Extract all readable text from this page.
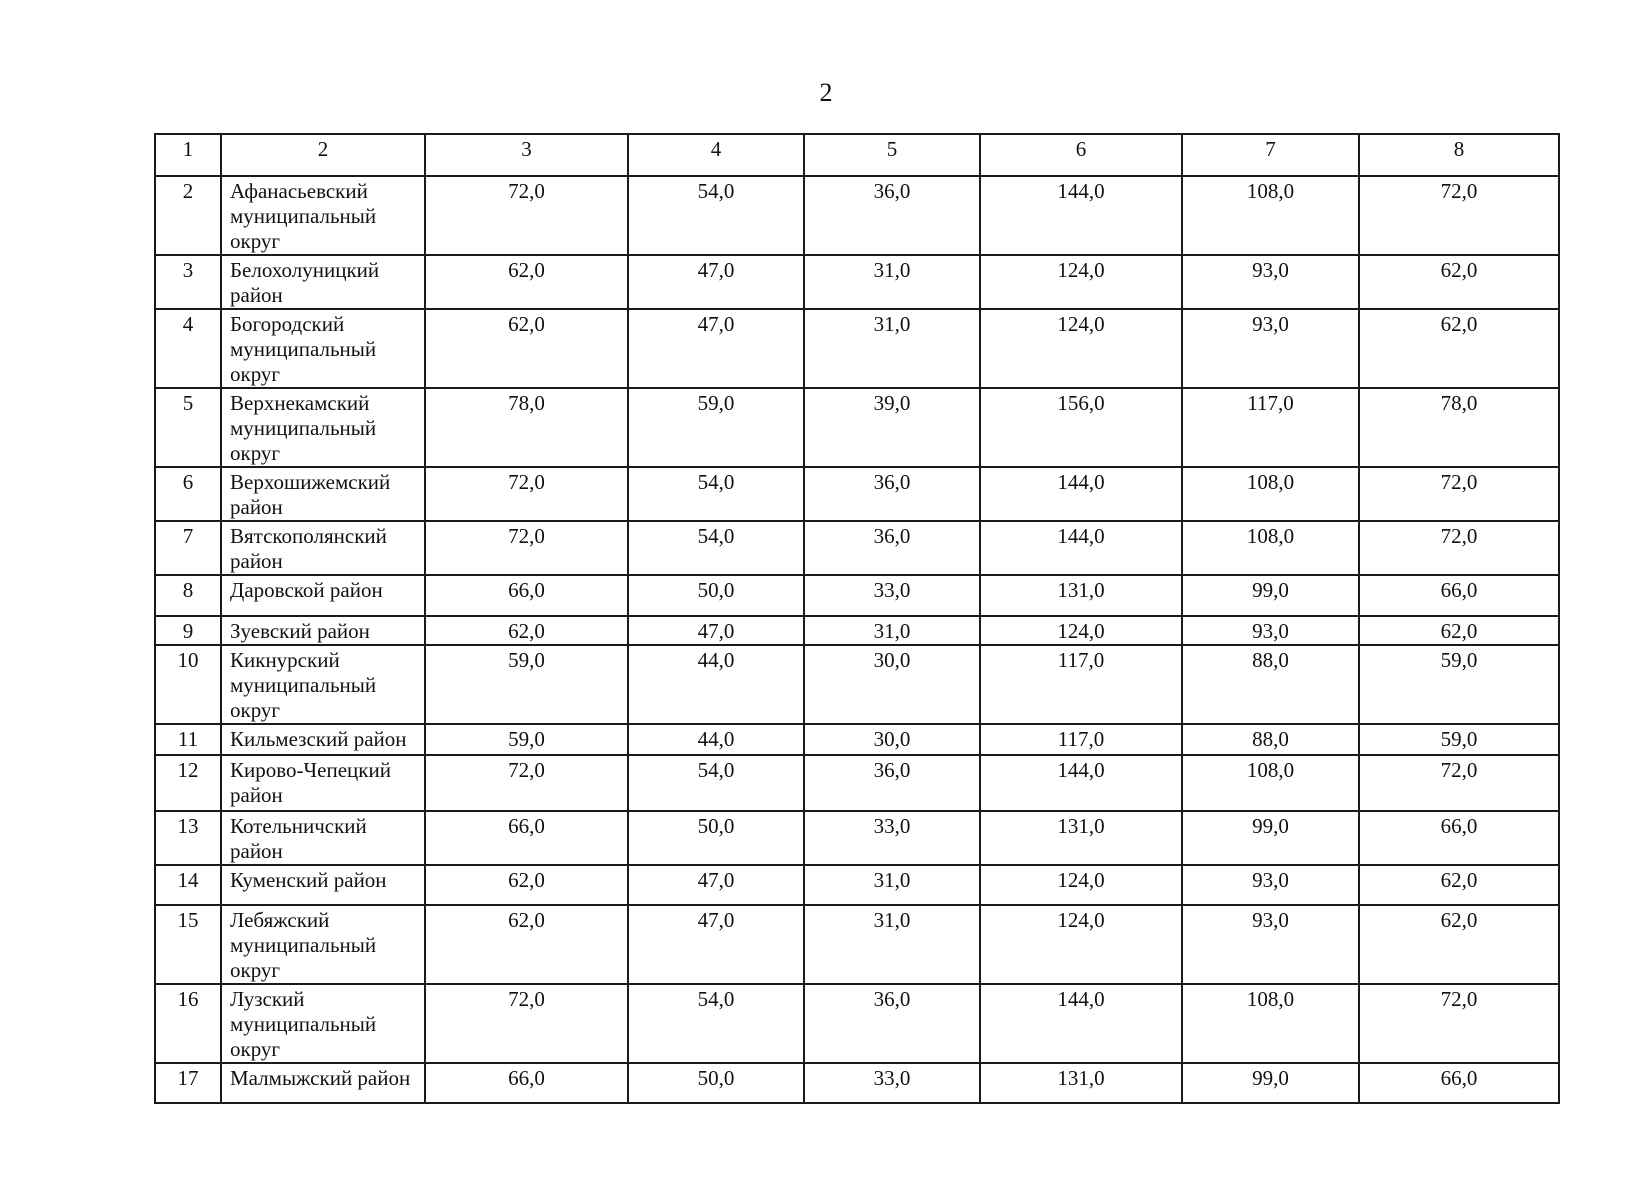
2
1	2	3	4	5	6	7	8
2	Афанасьевский муниципальный округ	72,0	54,0	36,0	144,0	108,0	72,0
3	Белохолуницкий район	62,0	47,0	31,0	124,0	93,0	62,0
4	Богородский муниципальный округ	62,0	47,0	31,0	124,0	93,0	62,0
5	Верхнекамский муниципальный округ	78,0	59,0	39,0	156,0	117,0	78,0
6	Верхошижемский район	72,0	54,0	36,0	144,0	108,0	72,0
7	Вятскополянский район	72,0	54,0	36,0	144,0	108,0	72,0
8	Даровской район	66,0	50,0	33,0	131,0	99,0	66,0
9	Зуевский район	62,0	47,0	31,0	124,0	93,0	62,0
10	Кикнурский муниципальный округ	59,0	44,0	30,0	117,0	88,0	59,0
11	Кильмезский район	59,0	44,0	30,0	117,0	88,0	59,0
12	Кирово-Чепецкий район	72,0	54,0	36,0	144,0	108,0	72,0
13	Котельничский район	66,0	50,0	33,0	131,0	99,0	66,0
14	Куменский район	62,0	47,0	31,0	124,0	93,0	62,0
15	Лебяжский муниципальный округ	62,0	47,0	31,0	124,0	93,0	62,0
16	Лузский муниципальный округ	72,0	54,0	36,0	144,0	108,0	72,0
17	Малмыжский район	66,0	50,0	33,0	131,0	99,0	66,0
